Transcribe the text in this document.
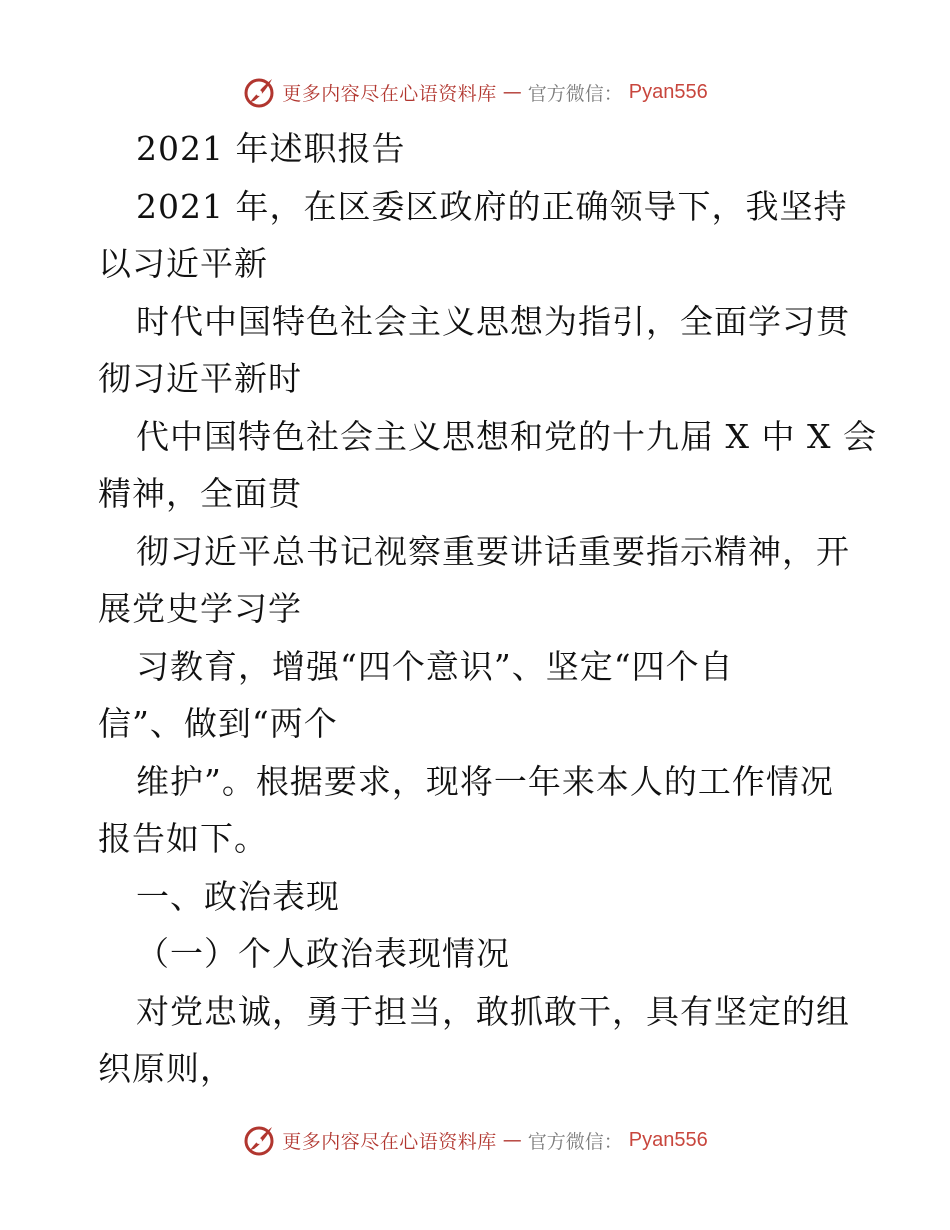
更多内容尽在心语资料库 — 官方微信： Pyan556
2021 年述职报告
2021 年，在区委区政府的正确领导下，我坚持
以习近平新
时代中国特色社会主义思想为指引，全面学习贯
彻习近平新时
代中国特色社会主义思想和党的十九届 X 中 X 会
精神，全面贯
彻习近平总书记视察重要讲话重要指示精神，开
展党史学习学
习教育，增强“四个意识”、坚定“四个自
信”、做到“两个
维护”。根据要求，现将一年来本人的工作情况
报告如下。
一、政治表现
（一）个人政治表现情况
对党忠诚，勇于担当，敢抓敢干，具有坚定的组
织原则，
更多内容尽在心语资料库 — 官方微信： Pyan556
